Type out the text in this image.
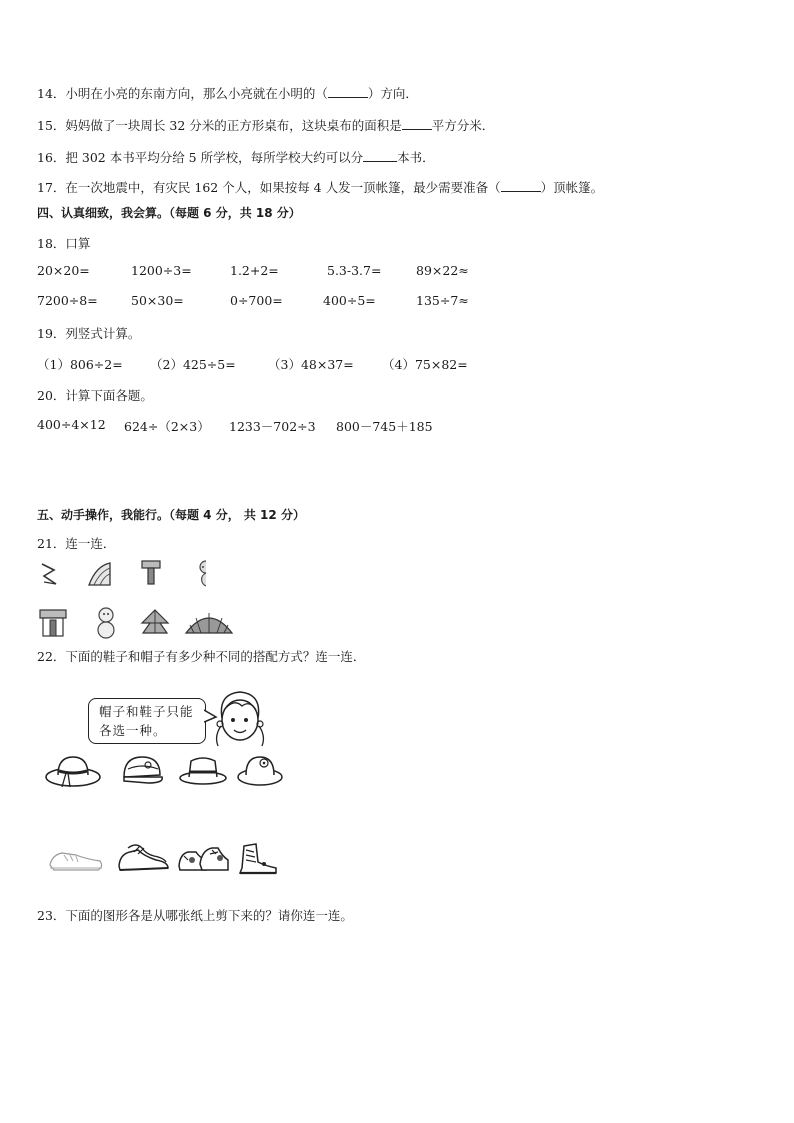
14．小明在小亮的东南方向，那么小亮就在小明的（	）方向．
15．妈妈做了一块周长 32 分米的正方形桌布，这块桌布的面积是 平方分米．
16．把 302 本书平均分给 5 所学校，每所学校大约可以分	本书．
17．在一次地震中，有灾民 162 个人，如果按每 4 人发一顶帐篷，最少需要准备（	）顶帐篷。
四、认真细致，我会算。（每题 6 分，共 18 分）
18．口算
20×20=	1200÷3=	1.2+2=	5.3-3.7=	89×22≈
7200÷8=	50×30=	0÷700=	400÷5=	135÷7≈
19．列竖式计算。
（1）806÷2= （2）425÷5=	（3）48×37= （4）75×82=
20．计算下面各题。
400÷4×12 624÷（2×3） 1233－702÷3 800－745＋185
五、动手操作，我能行。（每题 4 分， 共 12 分）
21．连一连．
22．下面的鞋子和帽子有多少种不同的搭配方式？连一连．
帽子和鞋子只能
各选一种。
23．下面的图形各是从哪张纸上剪下来的？请你连一连。
